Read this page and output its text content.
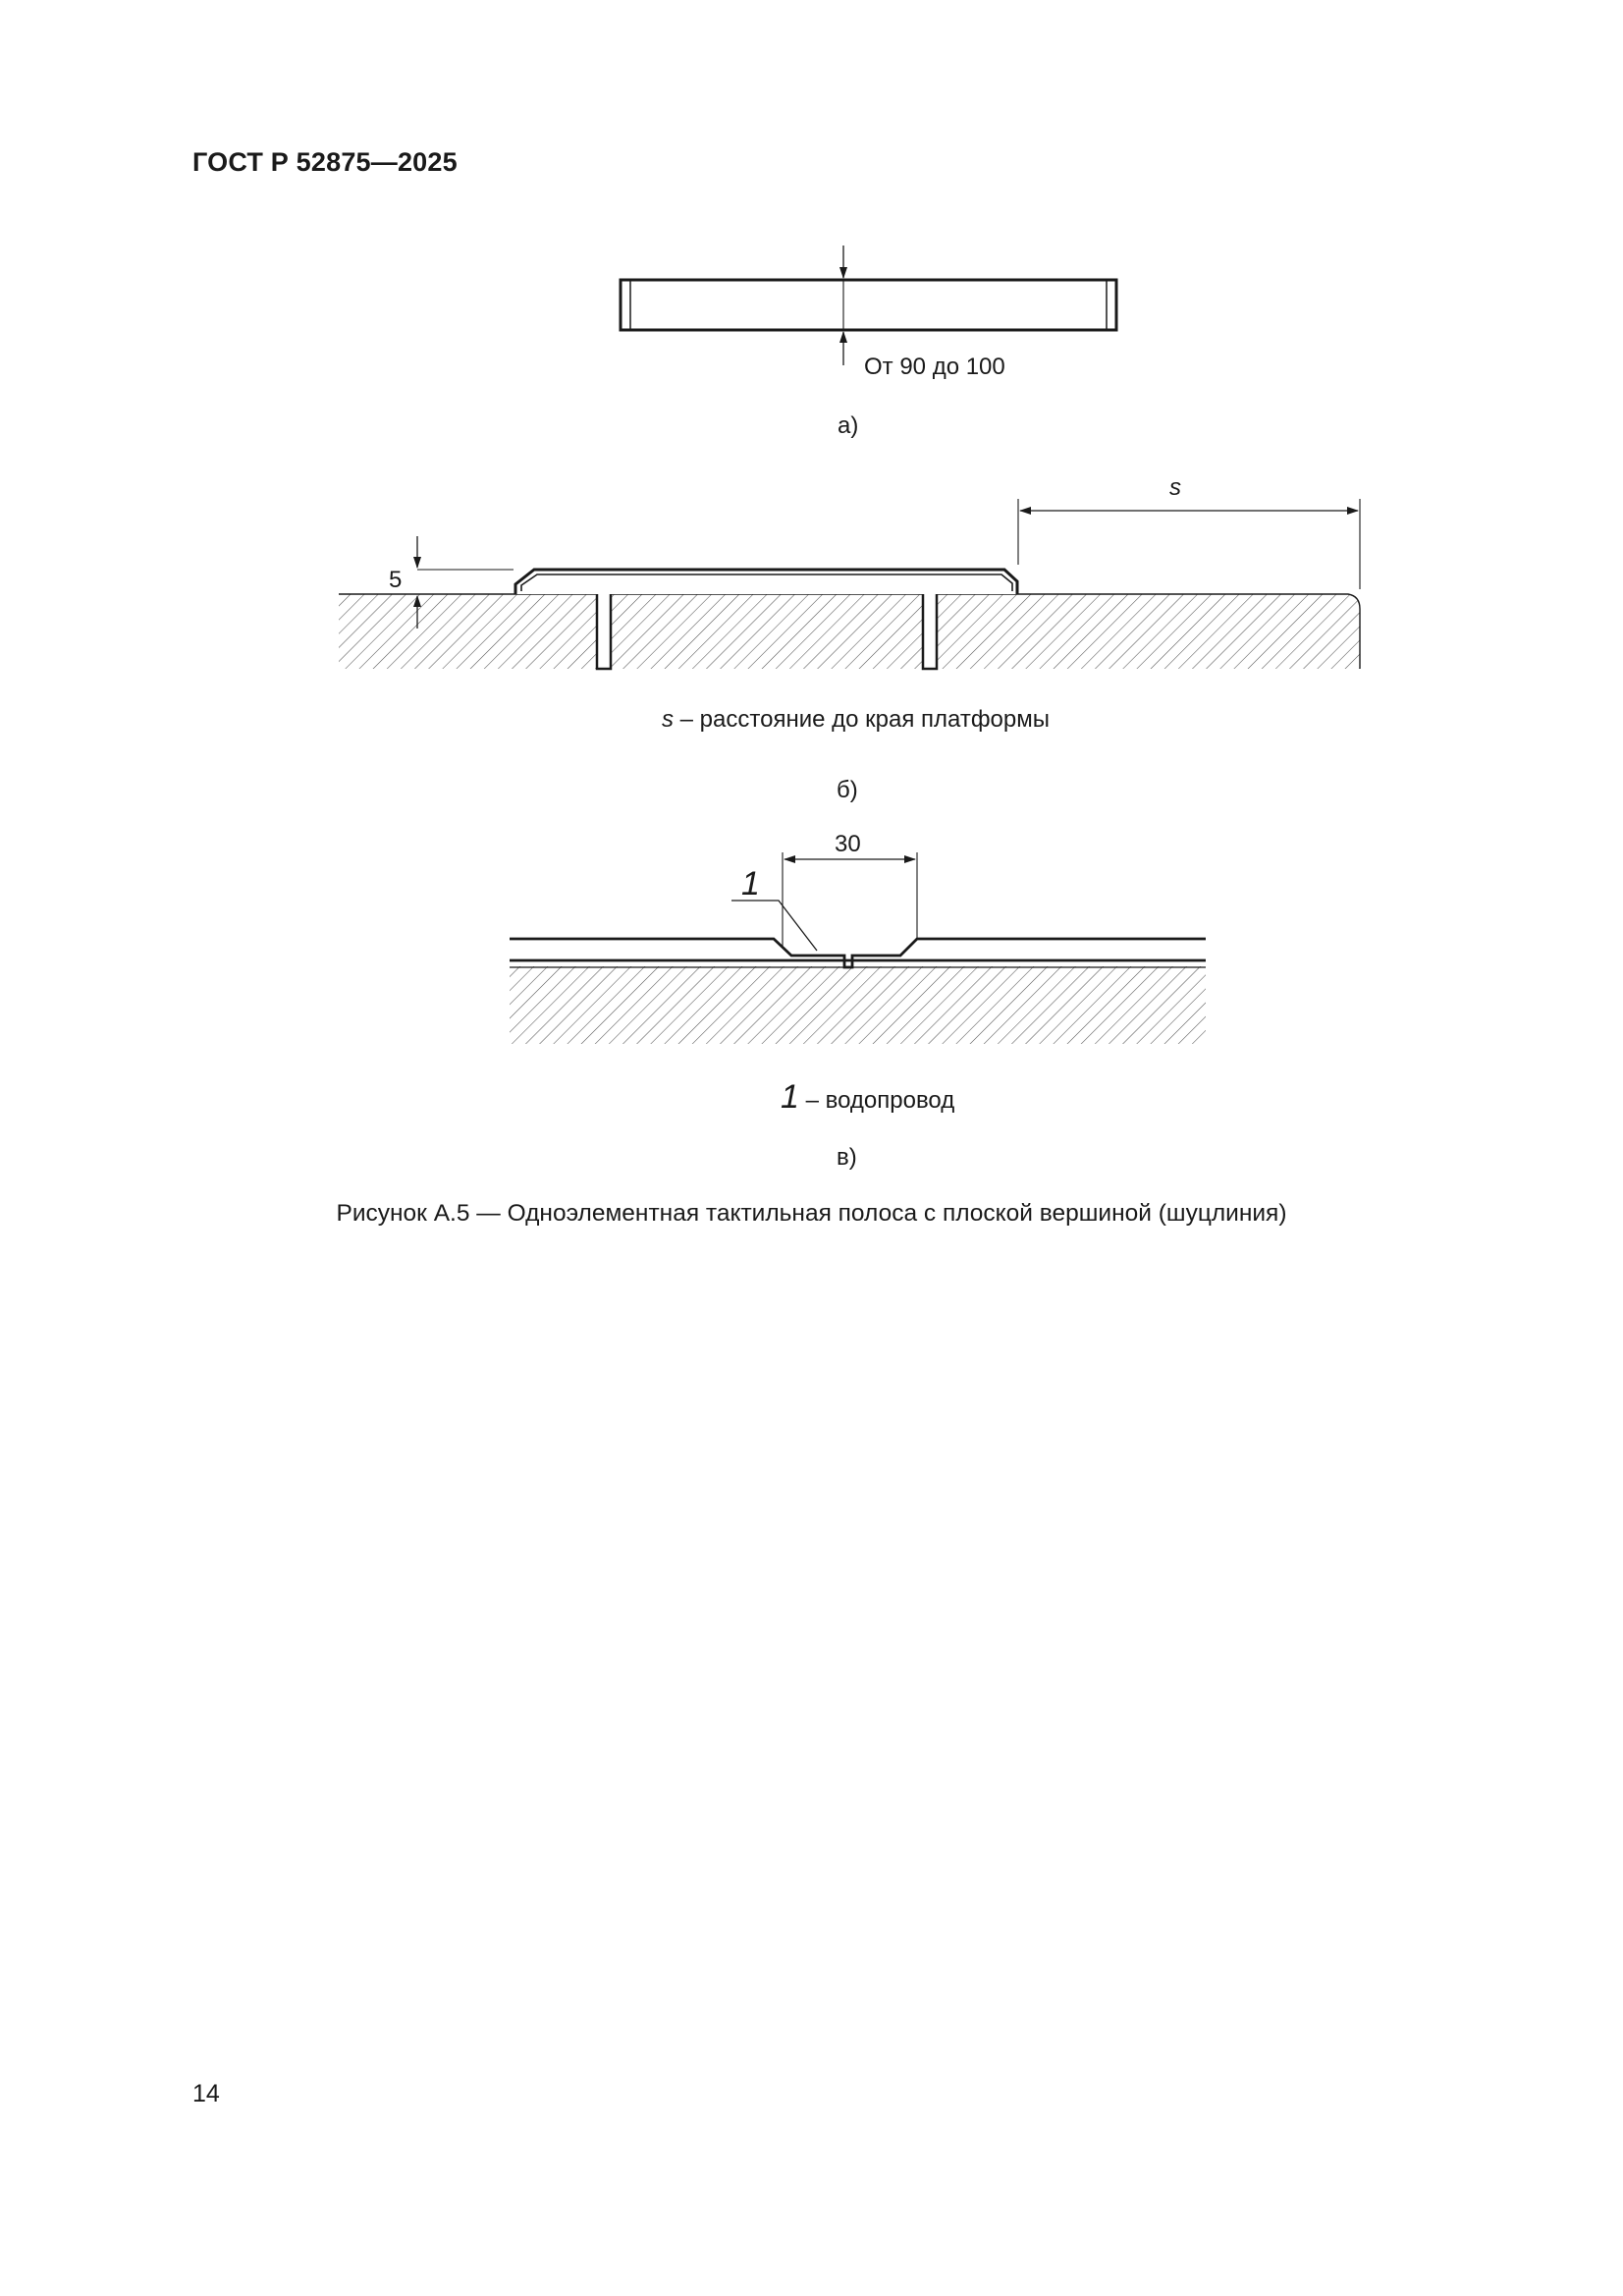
ГОСТ Р 52875—2025
От 90 до 100
а)
5
s
s – расстояние до края платформы
б)
30
1
1 – водопровод
в)
Рисунок А.5 — Одноэлементная тактильная полоса с плоской вершиной (шуцлиния)
14
